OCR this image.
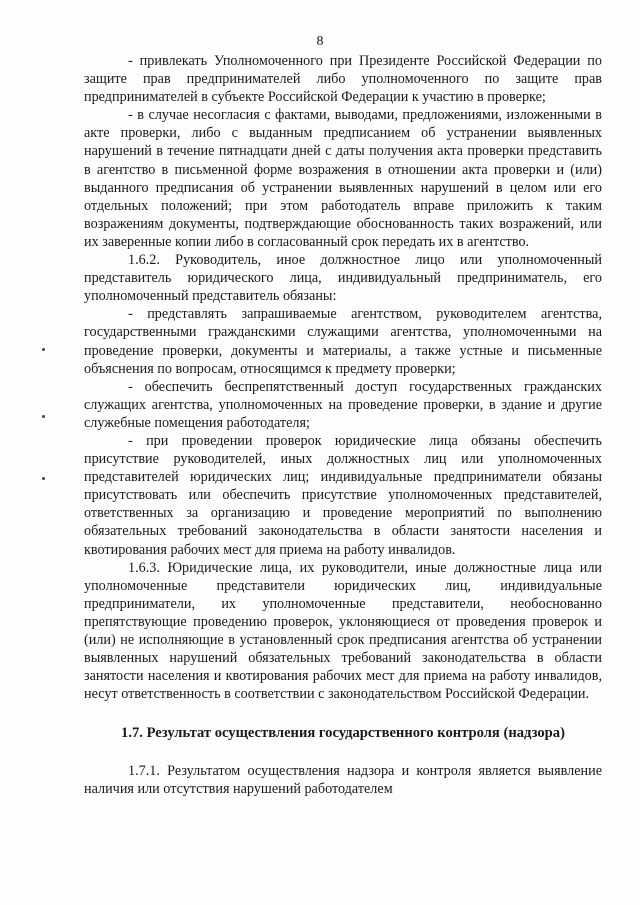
8

- привлекать Уполномоченного при Президенте Российской Федерации по защите прав предпринимателей либо уполномоченного по защите прав предпринимателей в субъекте Российской Федерации к участию в проверке;

- в случае несогласия с фактами, выводами, предложениями, изложенными в акте проверки, либо с выданным предписанием об устранении выявленных нарушений в течение пятнадцати дней с даты получения акта проверки представить в агентство в письменной форме возражения в отношении акта проверки и (или) выданного предписания об устранении выявленных нарушений в целом или его отдельных положений; при этом работодатель вправе приложить к таким возражениям документы, подтверждающие обоснованность таких возражений, или их заверенные копии либо в согласованный срок передать их в агентство.

1.6.2. Руководитель, иное должностное лицо или уполномоченный представитель юридического лица, индивидуальный предприниматель, его уполномоченный представитель обязаны:

- представлять запрашиваемые агентством, руководителем агентства, государственными гражданскими служащими агентства, уполномоченными на проведение проверки, документы и материалы, а также устные и письменные объяснения по вопросам, относящимся к предмету проверки;

- обеспечить беспрепятственный доступ государственных гражданских служащих агентства, уполномоченных на проведение проверки, в здание и другие служебные помещения работодателя;

- при проведении проверок юридические лица обязаны обеспечить присутствие руководителей, иных должностных лиц или уполномоченных представителей юридических лиц; индивидуальные предприниматели обязаны присутствовать или обеспечить присутствие уполномоченных представителей, ответственных за организацию и проведение мероприятий по выполнению обязательных требований законодательства в области занятости населения и квотирования рабочих мест для приема на работу инвалидов.

1.6.3. Юридические лица, их руководители, иные должностные лица или уполномоченные представители юридических лиц, индивидуальные предприниматели, их уполномоченные представители, необоснованно препятствующие проведению проверок, уклоняющиеся от проведения проверок и (или) не исполняющие в установленный срок предписания агентства об устранении выявленных нарушений обязательных требований законодательства в области занятости населения и квотирования рабочих мест для приема на работу инвалидов, несут ответственность в соответствии с законодательством Российской Федерации.

1.7. Результат осуществления государственного контроля (надзора)

1.7.1. Результатом осуществления надзора и контроля является выявление наличия или отсутствия нарушений работодателем
